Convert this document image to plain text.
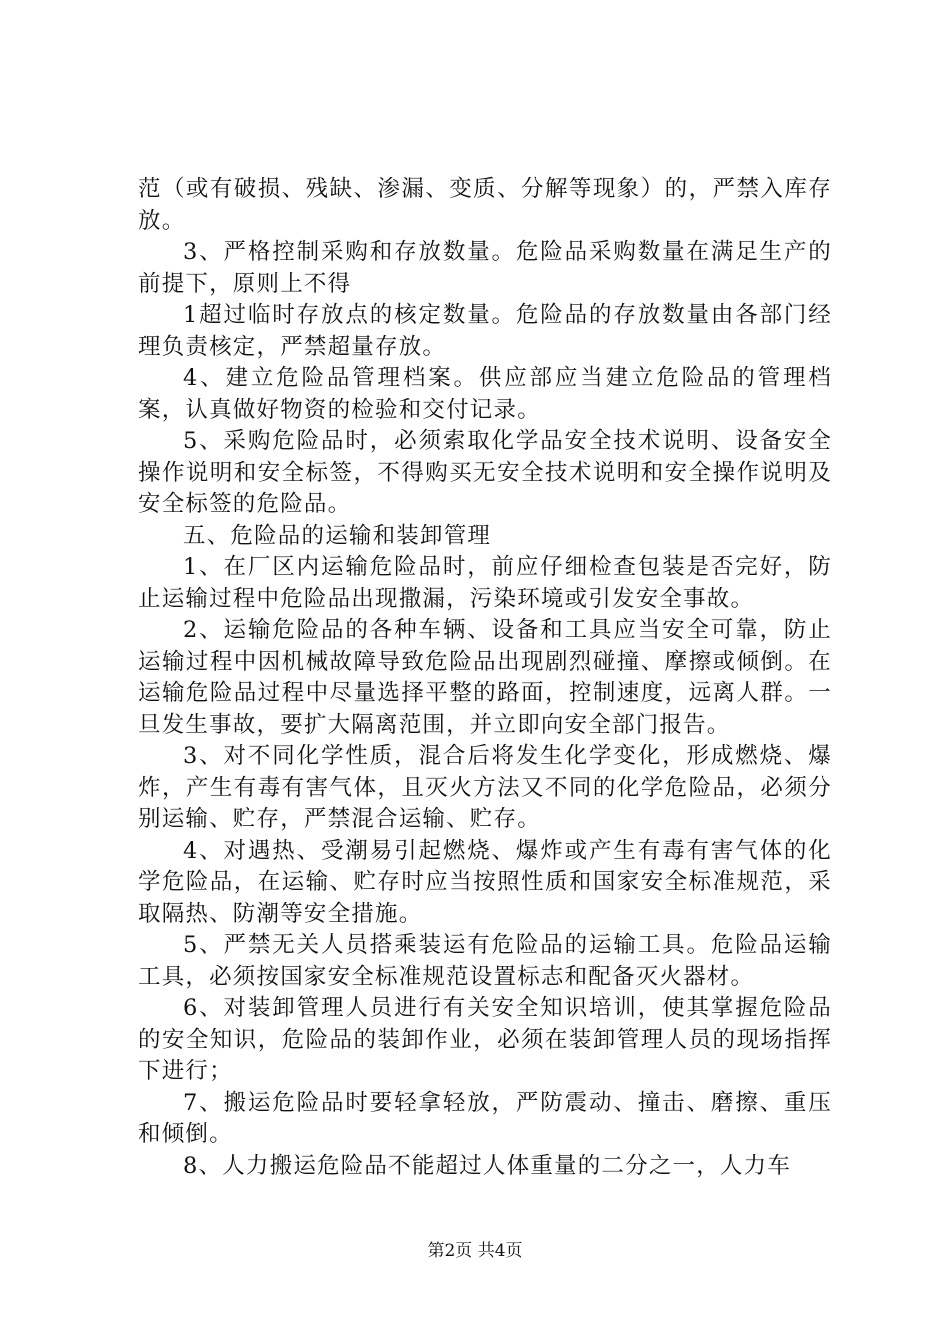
范（或有破损、残缺、渗漏、变质、分解等现象）的，严禁入库存放。

3、严格控制采购和存放数量。危险品采购数量在满足生产的前提下，原则上不得

1超过临时存放点的核定数量。危险品的存放数量由各部门经理负责核定，严禁超量存放。

4、建立危险品管理档案。供应部应当建立危险品的管理档案，认真做好物资的检验和交付记录。

5、采购危险品时，必须索取化学品安全技术说明、设备安全操作说明和安全标签，不得购买无安全技术说明和安全操作说明及安全标签的危险品。

五、危险品的运输和装卸管理

1、在厂区内运输危险品时，前应仔细检查包装是否完好，防止运输过程中危险品出现撒漏，污染环境或引发安全事故。

2、运输危险品的各种车辆、设备和工具应当安全可靠，防止运输过程中因机械故障导致危险品出现剧烈碰撞、摩擦或倾倒。在运输危险品过程中尽量选择平整的路面，控制速度，远离人群。一旦发生事故，要扩大隔离范围，并立即向安全部门报告。

3、对不同化学性质，混合后将发生化学变化，形成燃烧、爆炸，产生有毒有害气体，且灭火方法又不同的化学危险品，必须分别运输、贮存，严禁混合运输、贮存。

4、对遇热、受潮易引起燃烧、爆炸或产生有毒有害气体的化学危险品，在运输、贮存时应当按照性质和国家安全标准规范，采取隔热、防潮等安全措施。

5、严禁无关人员搭乘装运有危险品的运输工具。危险品运输工具，必须按国家安全标准规范设置标志和配备灭火器材。

6、对装卸管理人员进行有关安全知识培训，使其掌握危险品的安全知识，危险品的装卸作业，必须在装卸管理人员的现场指挥下进行；

7、搬运危险品时要轻拿轻放，严防震动、撞击、磨擦、重压和倾倒。

8、人力搬运危险品不能超过人体重量的二分之一，人力车

第2页 共4页
